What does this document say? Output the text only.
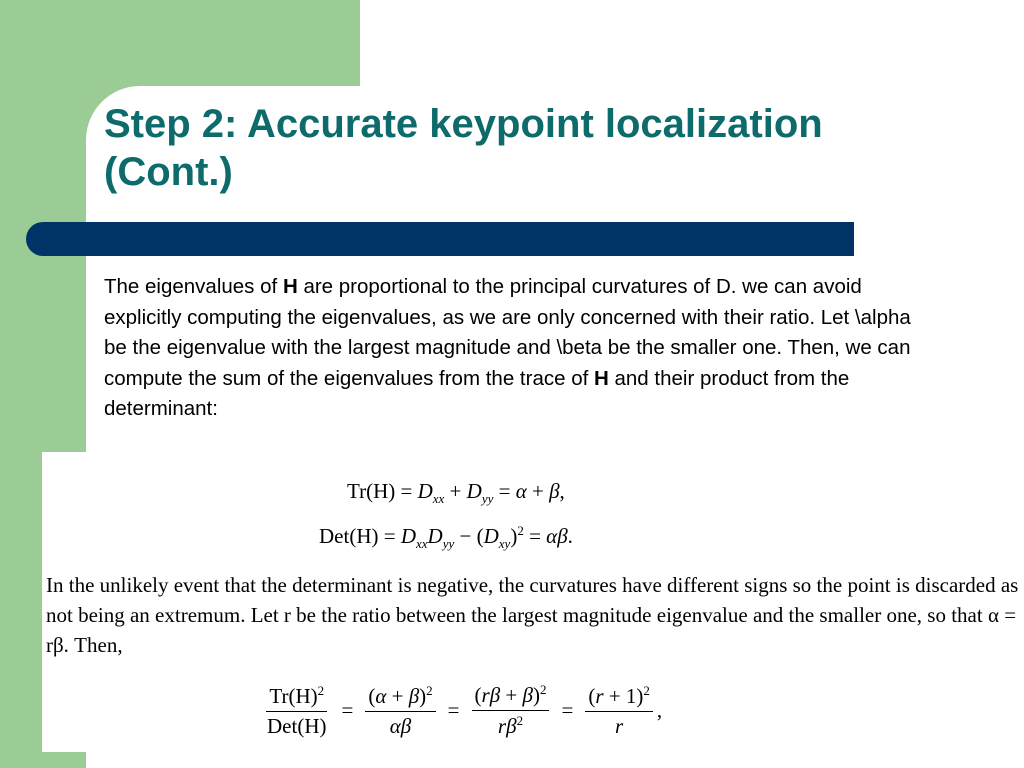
Step 2: Accurate keypoint localization
(Cont.)

The eigenvalues of H are proportional to the principal curvatures of D. we can avoid explicitly computing the eigenvalues, as we are only concerned with their ratio. Let \alpha be the eigenvalue with the largest magnitude and \beta be the smaller one. Then, we can compute the sum of the eigenvalues from the trace of H and their product from the determinant:

$Tr(H) = D_{xx} + D_{yy} = \alpha + \beta$,
$Det(H) = D_{xx}D_{yy} - (D_{xy})^2 = \alpha\beta$.

In the unlikely event that the determinant is negative, the curvatures have different signs so the point is discarded as not being an extremum. Let r be the ratio between the largest magnitude eigenvalue and the smaller one, so that α = rβ. Then,

$\frac{Tr(H)^2}{\text{Det(H)}} = \frac{(\alpha + \beta)^2}{\alpha\beta} = \frac{(r\beta + \beta)^2}{r\beta^2} = \frac{(r + 1)^2}{r}$ ,
